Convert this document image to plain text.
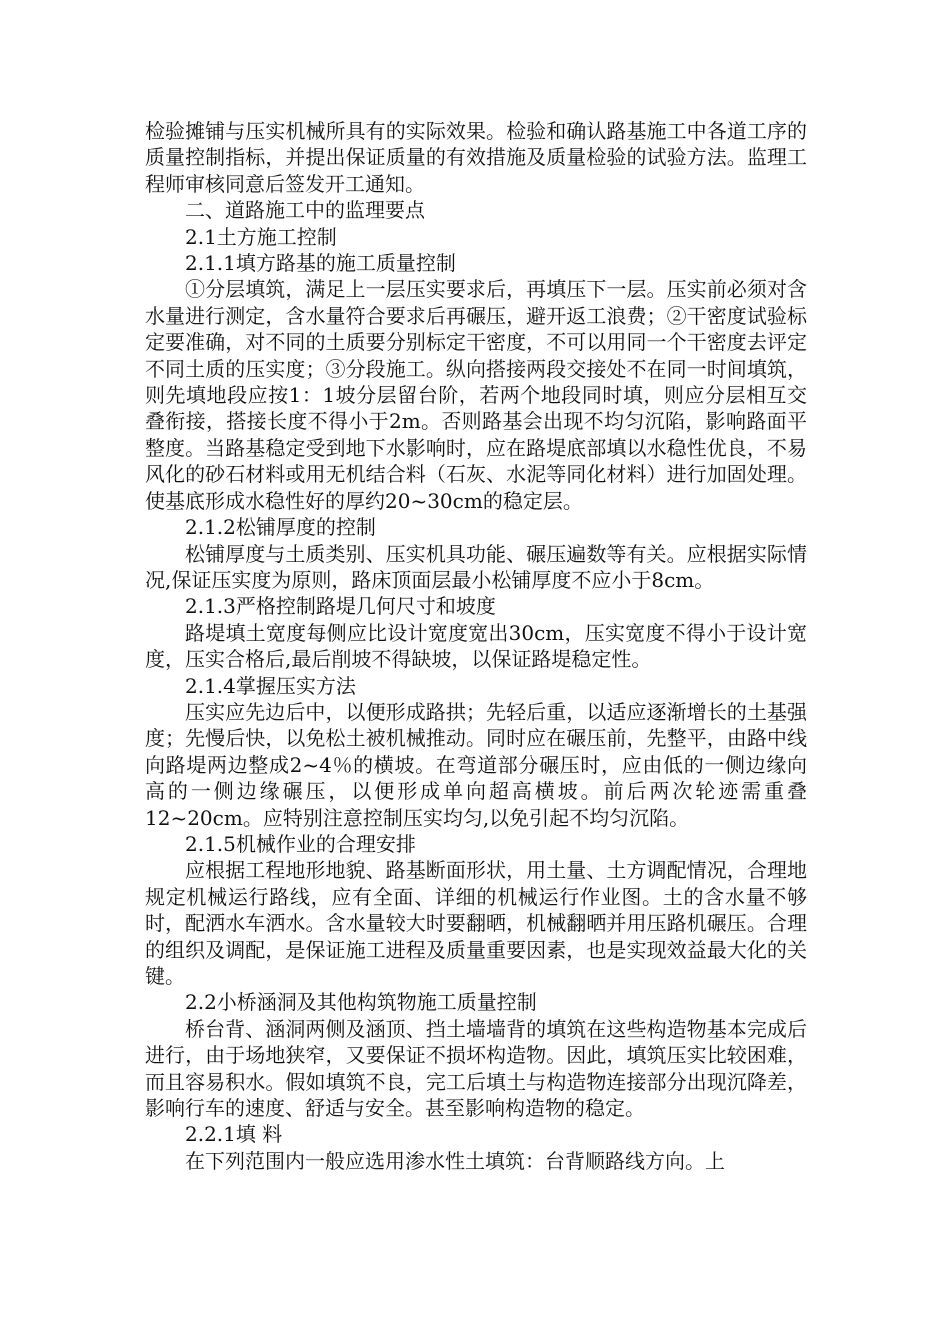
检验摊铺与压实机械所具有的实际效果。检验和确认路基施工中各道工序的质量控制指标，并提出保证质量的有效措施及质量检验的试验方法。监理工程师审核同意后签发开工通知。

二、道路施工中的监理要点

2.1土方施工控制

2.1.1填方路基的施工质量控制

①分层填筑，满足上一层压实要求后，再填压下一层。压实前必须对含水量进行测定，含水量符合要求后再碾压，避开返工浪费；②干密度试验标定要准确，对不同的土质要分别标定干密度，不可以用同一个干密度去评定不同土质的压实度；③分段施工。纵向搭接两段交接处不在同一时间填筑，则先填地段应按1：1坡分层留台阶，若两个地段同时填，则应分层相互交叠衔接，搭接长度不得小于2m。否则路基会出现不均匀沉陷，影响路面平整度。当路基稳定受到地下水影响时，应在路堤底部填以水稳性优良，不易风化的砂石材料或用无机结合料（石灰、水泥等同化材料）进行加固处理。使基底形成水稳性好的厚约20~30cm的稳定层。

2.1.2松铺厚度的控制

松铺厚度与土质类别、压实机具功能、碾压遍数等有关。应根据实际情况,保证压实度为原则，路床顶面层最小松铺厚度不应小于8cm。

2.1.3严格控制路堤几何尺寸和坡度

路堤填土宽度每侧应比设计宽度宽出30cm，压实宽度不得小于设计宽度，压实合格后,最后削坡不得缺坡，以保证路堤稳定性。

2.1.4掌握压实方法

压实应先边后中，以便形成路拱；先轻后重，以适应逐渐增长的土基强度；先慢后快，以免松土被机械推动。同时应在碾压前，先整平，由路中线向路堤两边整成2~4％的横坡。在弯道部分碾压时，应由低的一侧边缘向高的一侧边缘碾压，以便形成单向超高横坡。前后两次轮迹需重叠 12~20cm。应特别注意控制压实均匀,以免引起不均匀沉陷。

2.1.5机械作业的合理安排

应根据工程地形地貌、路基断面形状，用土量、土方调配情况，合理地规定机械运行路线，应有全面、详细的机械运行作业图。土的含水量不够时，配洒水车洒水。含水量较大时要翻晒，机械翻晒并用压路机碾压。合理的组织及调配，是保证施工进程及质量重要因素，也是实现效益最大化的关键。

2.2小桥涵洞及其他构筑物施工质量控制

桥台背、涵洞两侧及涵顶、挡土墙墙背的填筑在这些构造物基本完成后进行，由于场地狭窄，又要保证不损坏构造物。因此，填筑压实比较困难，而且容易积水。假如填筑不良，完工后填土与构造物连接部分出现沉降差，影响行车的速度、舒适与安全。甚至影响构造物的稳定。

2.2.1填 料

在下列范围内一般应选用渗水性土填筑：台背顺路线方向。上
